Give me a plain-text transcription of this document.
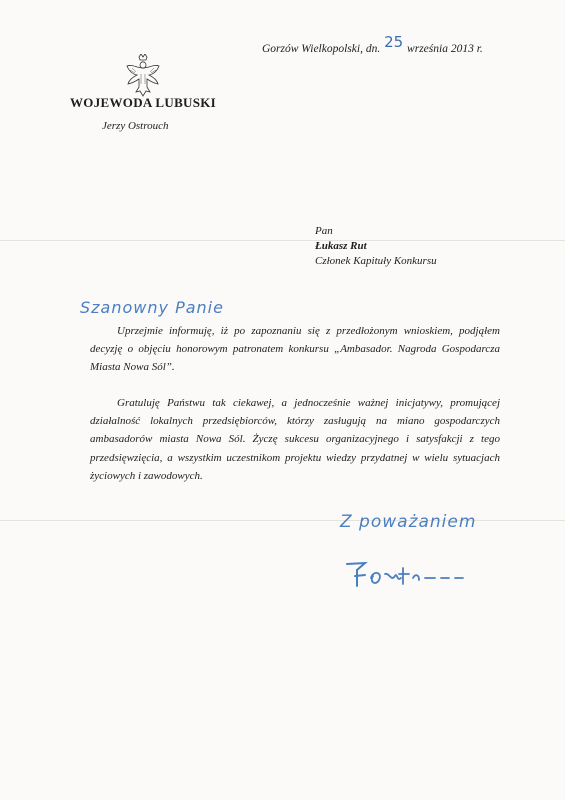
WOJEWODA LUBUSKI
Jerzy Ostrouch
Gorzów Wielkopolski, dn. 25 września 2013 r.
Pan
Łukasz Rut
Członek Kapituły Konkursu
Szanowny Panie
Uprzejmie informuję, iż po zapoznaniu się z przedłożonym wnioskiem, podjąłem decyzję o objęciu honorowym patronatem konkursu „Ambasador. Nagroda Gospodarcza Miasta Nowa Sól”.
Gratuluję Państwu tak ciekawej, a jednocześnie ważnej inicjatywy, promującej działalność lokalnych przedsiębiorców, którzy zasługują na miano gospodarczych ambasadorów miasta Nowa Sól. Życzę sukcesu organizacyjnego i satysfakcji z tego przedsięwzięcia, a wszystkim uczestnikom projektu wiedzy przydatnej w wielu sytuacjach życiowych i zawodowych.
Z poważaniem
